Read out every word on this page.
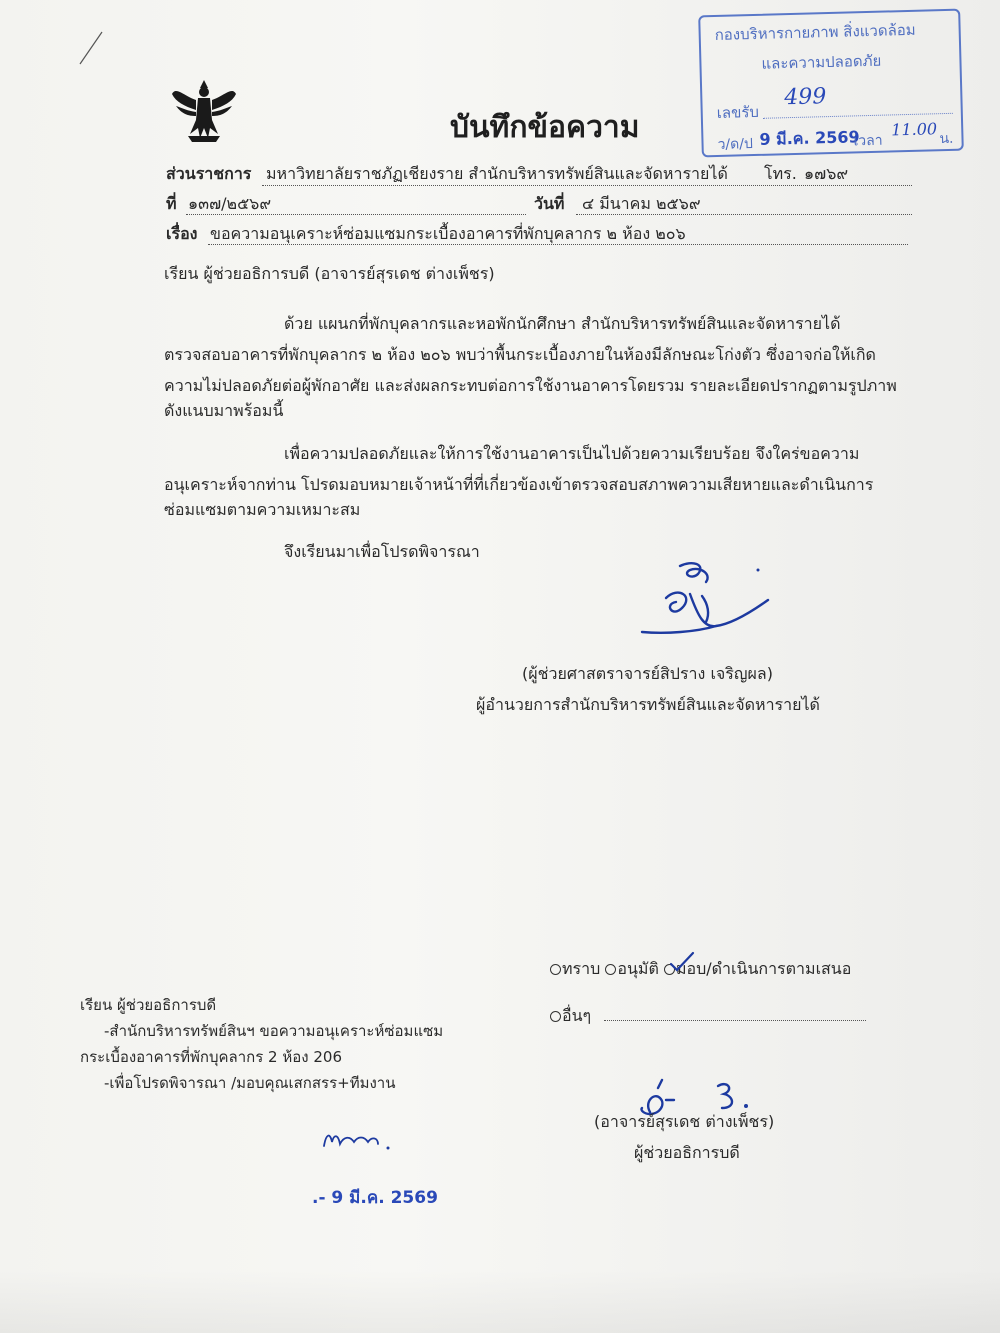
บันทึกข้อความ
กองบริหารกายภาพ สิ่งแวดล้อม
และความปลอดภัย
เลขรับ
499
ว/ด/ป 9 มี.ค. 2569
เวลา
11.00 น.
ส่วนราชการ มหาวิทยาลัยราชภัฏเชียงราย สำนักบริหารทรัพย์สินและจัดหารายได้ โทร. ๑๗๖๙
ที่ ๑๓๗/๒๕๖๙	วันที่ ๔ มีนาคม ๒๕๖๙
เรื่อง ขอความอนุเคราะห์ซ่อมแซมกระเบื้องอาคารที่พักบุคลากร ๒ ห้อง ๒๐๖
เรียน ผู้ช่วยอธิการบดี (อาจารย์สุรเดช ต่างเพ็ชร)
ด้วย แผนกที่พักบุคลากรและหอพักนักศึกษา สำนักบริหารทรัพย์สินและจัดหารายได้
ตรวจสอบอาคารที่พักบุคลากร ๒ ห้อง ๒๐๖ พบว่าพื้นกระเบื้องภายในห้องมีลักษณะโก่งตัว ซึ่งอาจก่อให้เกิด
ความไม่ปลอดภัยต่อผู้พักอาศัย และส่งผลกระทบต่อการใช้งานอาคารโดยรวม รายละเอียดปรากฏตามรูปภาพ
ดังแนบมาพร้อมนี้
เพื่อความปลอดภัยและให้การใช้งานอาคารเป็นไปด้วยความเรียบร้อย จึงใคร่ขอความ
อนุเคราะห์จากท่าน โปรดมอบหมายเจ้าหน้าที่ที่เกี่ยวข้องเข้าตรวจสอบสภาพความเสียหายและดำเนินการ
ซ่อมแซมตามความเหมาะสม
จึงเรียนมาเพื่อโปรดพิจารณา
(ผู้ช่วยศาสตราจารย์สิปราง เจริญผล)
ผู้อำนวยการสำนักบริหารทรัพย์สินและจัดหารายได้
ทราบ อนุมัติ มอบ/ดำเนินการตามเสนอ
อื่นๆ
(อาจารย์สุรเดช ต่างเพ็ชร)
ผู้ช่วยอธิการบดี
เรียน ผู้ช่วยอธิการบดี
-สำนักบริหารทรัพย์สินฯ ขอความอนุเคราะห์ซ่อมแซม
กระเบื้องอาคารที่พักบุคลากร 2 ห้อง 206
-เพื่อโปรดพิจารณา /มอบคุณเสกสรร+ทีมงาน
.- 9 มี.ค. 2569
